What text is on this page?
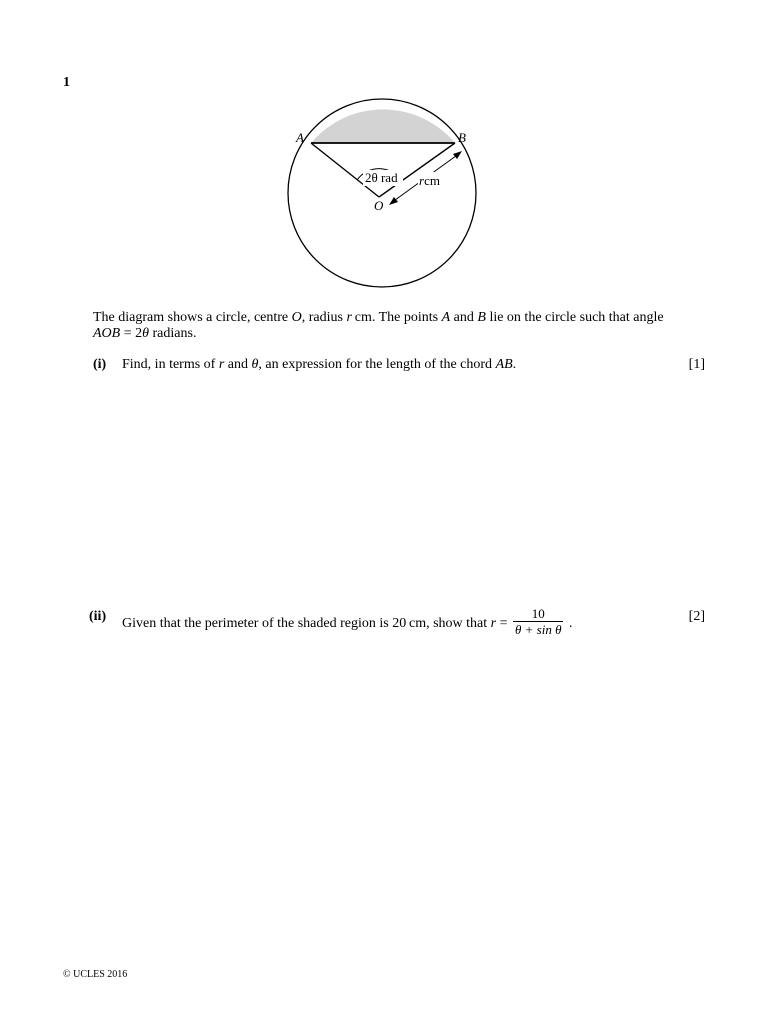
1
A	B
O
2θ rad rcm
The diagram shows a circle, centre O, radius r cm. The points A and B lie on the circle such that angle AOB = 2θ radians.
(i) Find, in terms of r and θ, an expression for the length of the chord AB.	[1]
(ii) Given that the perimeter of the shaded region is 20 cm, show that $r = \frac{10}{\text{θ + sin θ}}$ .	[2]
© UCLES 2016
